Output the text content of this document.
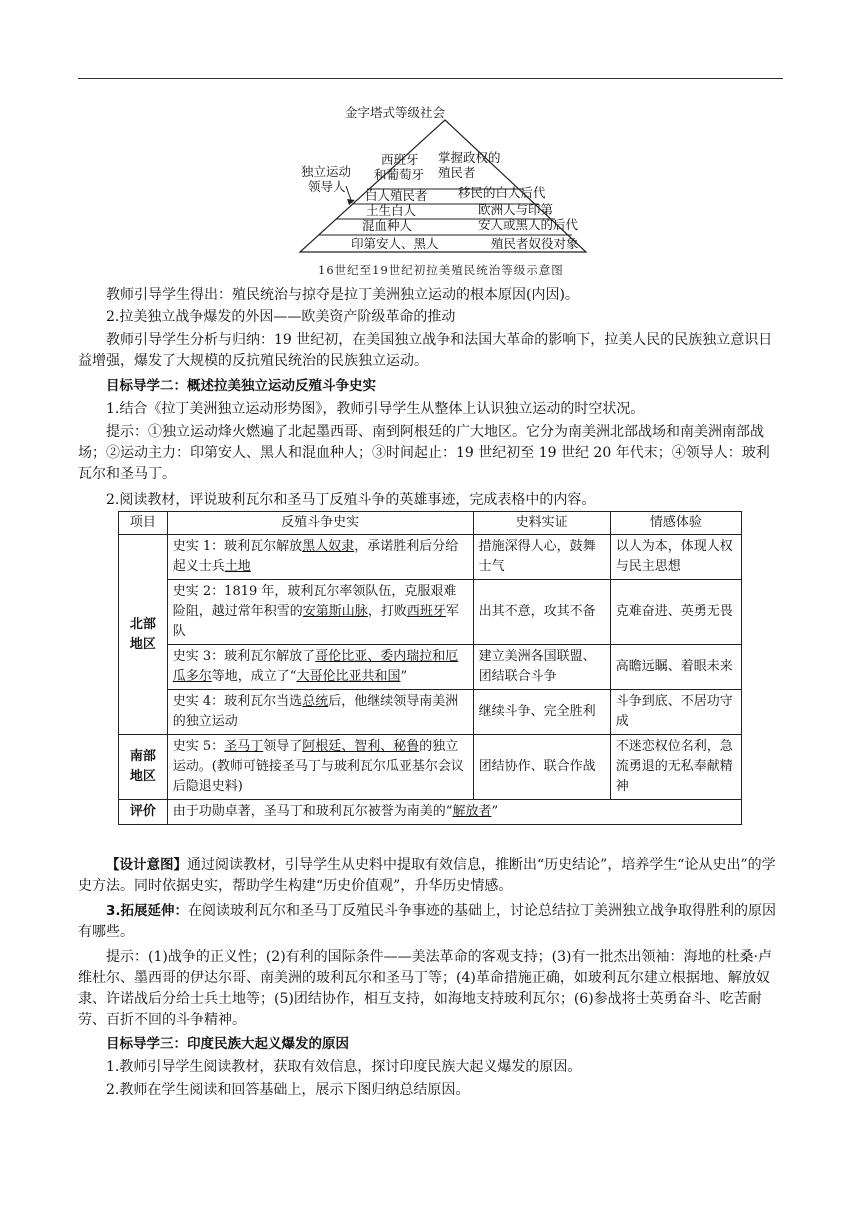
金字塔式等级社会
独立运动
领导人
西班牙
和葡萄牙
白人殖民者
土生白人
混血种人
印第安人、黑人
掌握政权的
殖民者
移民的白人后代
欧洲人与印第
安人或黑人的后代
殖民者奴役对象
16世纪至19世纪初拉美殖民统治等级示意图
教师引导学生得出：殖民统治与掠夺是拉丁美洲独立运动的根本原因(内因)。
2.拉美独立战争爆发的外因——欧美资产阶级革命的推动
教师引导学生分析与归纳：19 世纪初，在美国独立战争和法国大革命的影响下，拉美人民的民族独立意识日益增强，爆发了大规模的反抗殖民统治的民族独立运动。
目标导学二：概述拉美独立运动反殖斗争史实
1.结合《拉丁美洲独立运动形势图》，教师引导学生从整体上认识独立运动的时空状况。
提示：①独立运动烽火燃遍了北起墨西哥、南到阿根廷的广大地区。它分为南美洲北部战场和南美洲南部战场；②运动主力：印第安人、黑人和混血种人；③时间起止：19 世纪初至 19 世纪 20 年代末；④领导人：玻利瓦尔和圣马丁。
2.阅读教材，评说玻利瓦尔和圣马丁反殖斗争的英雄事迹，完成表格中的内容。
项目	反殖斗争史实	史料实证	情感体验
北部地区	史实 1：玻利瓦尔解放黑人奴隶，承诺胜利后分给起义士兵土地	措施深得人心，鼓舞士气	以人为本，体现人权与民主思想
	史实 2：1819 年，玻利瓦尔率领队伍，克服艰难险阻，越过常年积雪的安第斯山脉，打败西班牙军队	出其不意，攻其不备	克难奋进、英勇无畏
	史实 3：玻利瓦尔解放了哥伦比亚、委内瑞拉和厄瓜多尔等地，成立了“大哥伦比亚共和国”	建立美洲各国联盟、团结联合斗争	高瞻远瞩、着眼未来
	史实 4：玻利瓦尔当选总统后，他继续领导南美洲的独立运动	继续斗争、完全胜利	斗争到底、不居功守成
南部地区	史实 5：圣马丁领导了阿根廷、智利、秘鲁的独立运动。(教师可链接圣马丁与玻利瓦尔瓜亚基尔会议后隐退史料)	团结协作、联合作战	不迷恋权位名利，急流勇退的无私奉献精神
评价	由于功勋卓著，圣马丁和玻利瓦尔被誉为南美的“解放者”		
【设计意图】通过阅读教材，引导学生从史料中提取有效信息，推断出“历史结论”，培养学生“论从史出”的学史方法。同时依据史实，帮助学生构建“历史价值观”，升华历史情感。
3.拓展延伸：在阅读玻利瓦尔和圣马丁反殖民斗争事迹的基础上，讨论总结拉丁美洲独立战争取得胜利的原因有哪些。
提示：(1)战争的正义性；(2)有利的国际条件——美法革命的客观支持；(3)有一批杰出领袖：海地的杜桑·卢维杜尔、墨西哥的伊达尔哥、南美洲的玻利瓦尔和圣马丁等；(4)革命措施正确，如玻利瓦尔建立根据地、解放奴隶、许诺战后分给士兵土地等；(5)团结协作，相互支持，如海地支持玻利瓦尔；(6)参战将士英勇奋斗、吃苦耐劳、百折不回的斗争精神。
目标导学三：印度民族大起义爆发的原因
1.教师引导学生阅读教材，获取有效信息，探讨印度民族大起义爆发的原因。
2.教师在学生阅读和回答基础上，展示下图归纳总结原因。
